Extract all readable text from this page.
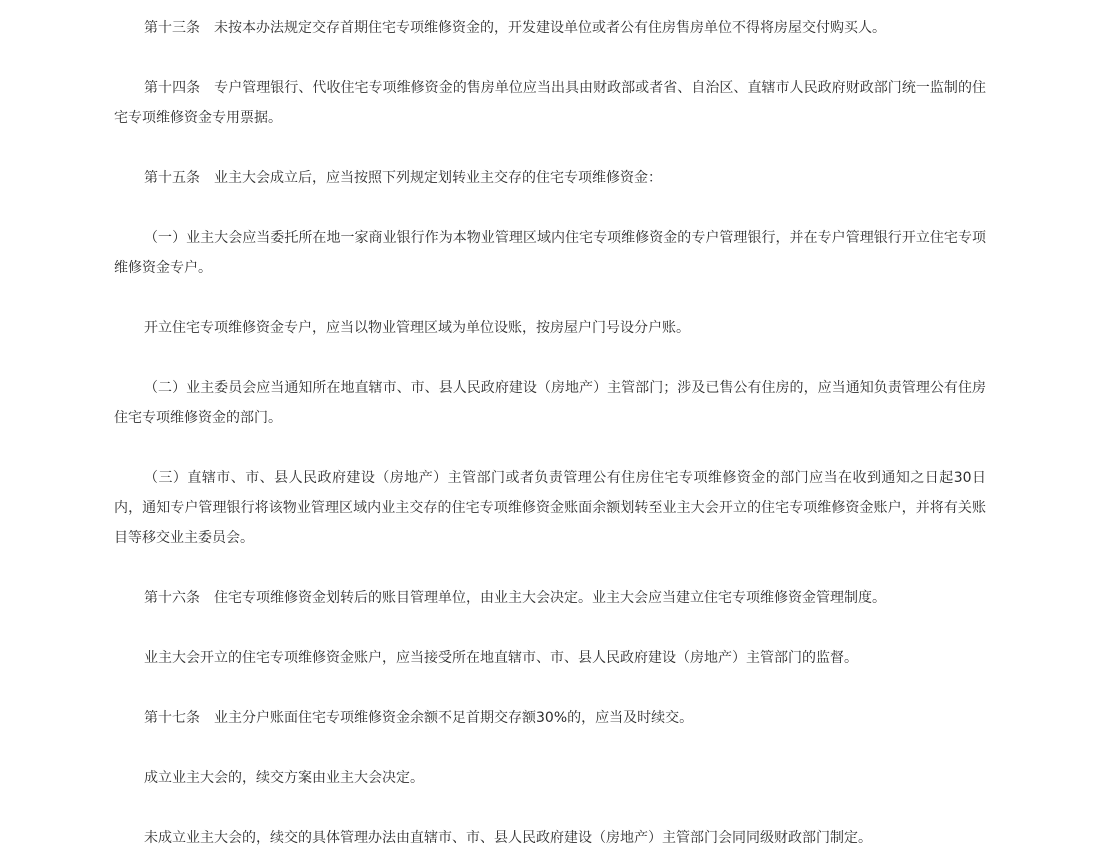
第十三条　未按本办法规定交存首期住宅专项维修资金的，开发建设单位或者公有住房售房单位不得将房屋交付购买人。

第十四条　专户管理银行、代收住宅专项维修资金的售房单位应当出具由财政部或者省、自治区、直辖市人民政府财政部门统一监制的住宅专项维修资金专用票据。

第十五条　业主大会成立后，应当按照下列规定划转业主交存的住宅专项维修资金：

（一）业主大会应当委托所在地一家商业银行作为本物业管理区域内住宅专项维修资金的专户管理银行，并在专户管理银行开立住宅专项维修资金专户。

开立住宅专项维修资金专户，应当以物业管理区域为单位设账，按房屋户门号设分户账。

（二）业主委员会应当通知所在地直辖市、市、县人民政府建设（房地产）主管部门；涉及已售公有住房的，应当通知负责管理公有住房住宅专项维修资金的部门。

（三）直辖市、市、县人民政府建设（房地产）主管部门或者负责管理公有住房住宅专项维修资金的部门应当在收到通知之日起30日内，通知专户管理银行将该物业管理区域内业主交存的住宅专项维修资金账面余额划转至业主大会开立的住宅专项维修资金账户，并将有关账目等移交业主委员会。

第十六条　住宅专项维修资金划转后的账目管理单位，由业主大会决定。业主大会应当建立住宅专项维修资金管理制度。

业主大会开立的住宅专项维修资金账户，应当接受所在地直辖市、市、县人民政府建设（房地产）主管部门的监督。

第十七条　业主分户账面住宅专项维修资金余额不足首期交存额30%的，应当及时续交。

成立业主大会的，续交方案由业主大会决定。

未成立业主大会的，续交的具体管理办法由直辖市、市、县人民政府建设（房地产）主管部门会同同级财政部门制定。
